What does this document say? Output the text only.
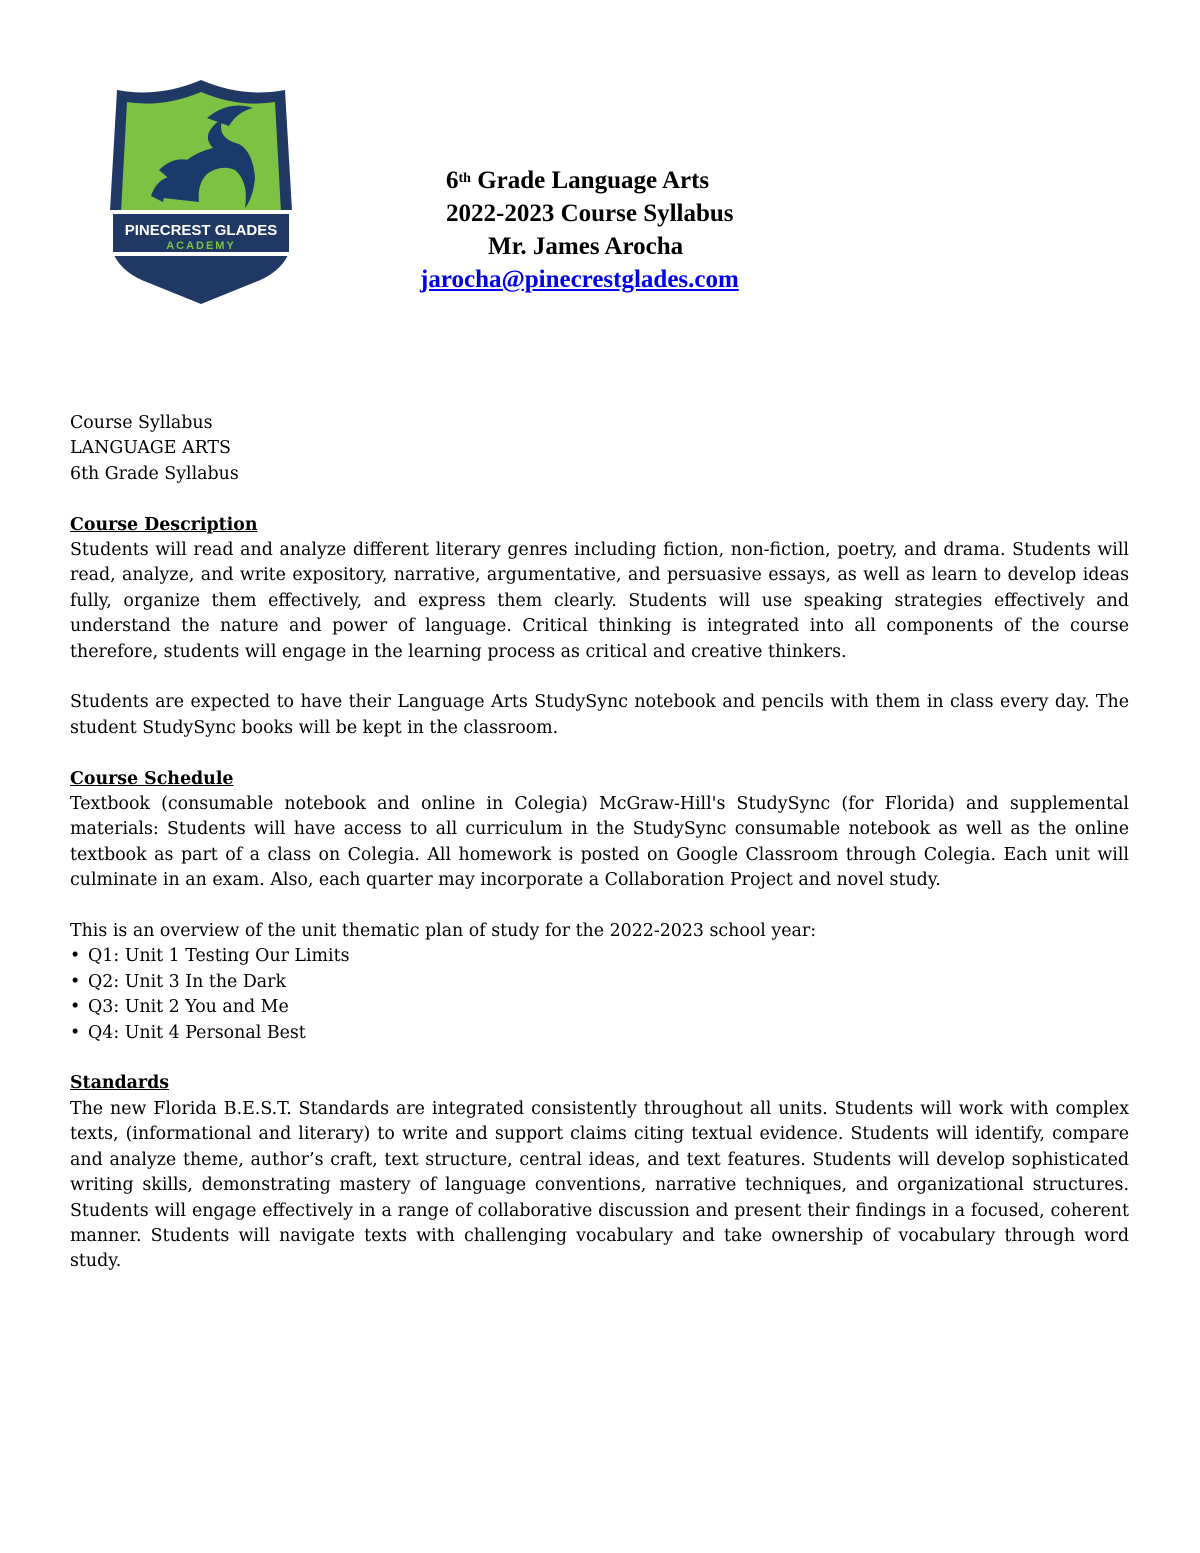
PINECREST GLADES
ACADEMY
6th Grade Language Arts
2022-2023 Course Syllabus
Mr. James Arocha
jarocha@pinecrestglades.com

Course Syllabus

LANGUAGE ARTS

6th Grade Syllabus

Course Description

Students will read and analyze different literary genres including fiction, non-fiction, poetry, and drama. Students will read, analyze, and write expository, narrative, argumentative, and persuasive essays, as well as learn to develop ideas fully, organize them effectively, and express them clearly. Students will use speaking strategies effectively and understand the nature and power of language. Critical thinking is integrated into all components of the course therefore, students will engage in the learning process as critical and creative thinkers.

Students are expected to have their Language Arts StudySync notebook and pencils with them in class every day. The student StudySync books will be kept in the classroom.

Course Schedule

Textbook (consumable notebook and online in Colegia) McGraw-Hill's StudySync (for Florida) and supplemental materials: Students will have access to all curriculum in the StudySync consumable notebook as well as the online textbook as part of a class on Colegia. All homework is posted on Google Classroom through Colegia. Each unit will culminate in an exam. Also, each quarter may incorporate a Collaboration Project and novel study.

This is an overview of the unit thematic plan of study for the 2022-2023 school year:

• Q1: Unit 1 Testing Our Limits
• Q2: Unit 3 In the Dark
• Q3: Unit 2 You and Me
• Q4: Unit 4 Personal Best

Standards

The new Florida B.E.S.T. Standards are integrated consistently throughout all units. Students will work with complex texts, (informational and literary) to write and support claims citing textual evidence. Students will identify, compare and analyze theme, author’s craft, text structure, central ideas, and text features. Students will develop sophisticated writing skills, demonstrating mastery of language conventions, narrative techniques, and organizational structures. Students will engage effectively in a range of collaborative discussion and present their findings in a focused, coherent manner. Students will navigate texts with challenging vocabulary and take ownership of vocabulary through word study.
